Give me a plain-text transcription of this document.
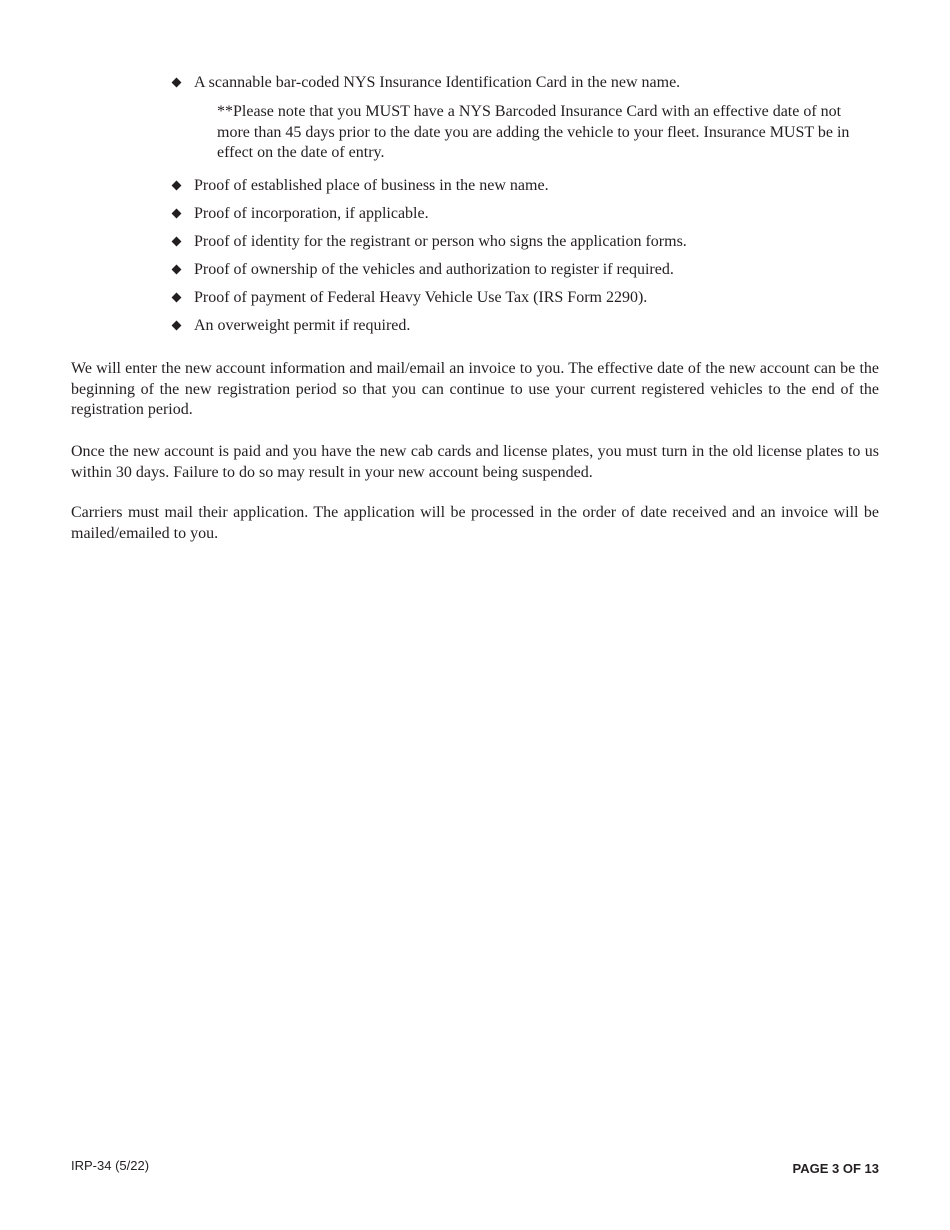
A scannable bar-coded NYS Insurance Identification Card in the new name.

**Please note that you MUST have a NYS Barcoded Insurance Card with an effective date of not more than 45 days prior to the date you are adding the vehicle to your fleet. Insurance MUST be in effect on the date of entry.

Proof of established place of business in the new name.
Proof of incorporation, if applicable.
Proof of identity for the registrant or person who signs the application forms.
Proof of ownership of the vehicles and authorization to register if required.
Proof of payment of Federal Heavy Vehicle Use Tax (IRS Form 2290).
An overweight permit if required.

We will enter the new account information and mail/email an invoice to you. The effective date of the new account can be the beginning of the new registration period so that you can continue to use your current registered vehicles to the end of the registration period.

Once the new account is paid and you have the new cab cards and license plates, you must turn in the old license plates to us within 30 days. Failure to do so may result in your new account being suspended.

Carriers must mail their application. The application will be processed in the order of date received and an invoice will be mailed/emailed to you.

IRP-34 (5/22)	PAGE 3 OF 13
